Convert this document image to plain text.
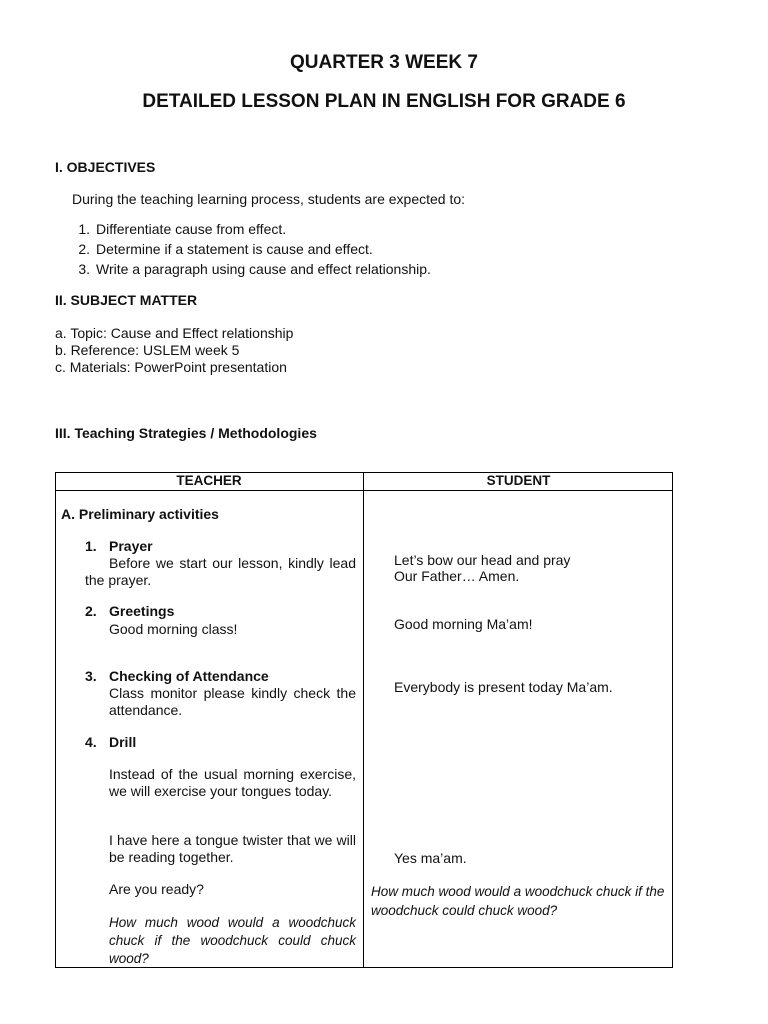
QUARTER 3 WEEK 7
DETAILED LESSON PLAN IN ENGLISH FOR GRADE 6
I. OBJECTIVES
During the teaching learning process, students are expected to:
1. Differentiate cause from effect.
2. Determine if a statement is cause and effect.
3. Write a paragraph using cause and effect relationship.
II. SUBJECT MATTER
a. Topic: Cause and Effect relationship
b. Reference: USLEM week 5
c. Materials: PowerPoint presentation
III. Teaching Strategies / Methodologies
TEACHER	STUDENT
A. Preliminary activities
1. Prayer
Before we start our lesson, kindly lead the prayer.
2. Greetings
Good morning class!
3. Checking of Attendance
Class monitor please kindly check the attendance.
4. Drill
Instead of the usual morning exercise, we will exercise your tongues today.
I have here a tongue twister that we will be reading together.
Are you ready?
How much wood would a woodchuck chuck if the woodchuck could chuck wood?
Let’s bow our head and pray
Our Father… Amen.
Good morning Ma’am!
Everybody is present today Ma’am.
Yes ma’am.
How much wood would a woodchuck chuck if the woodchuck could chuck wood?
